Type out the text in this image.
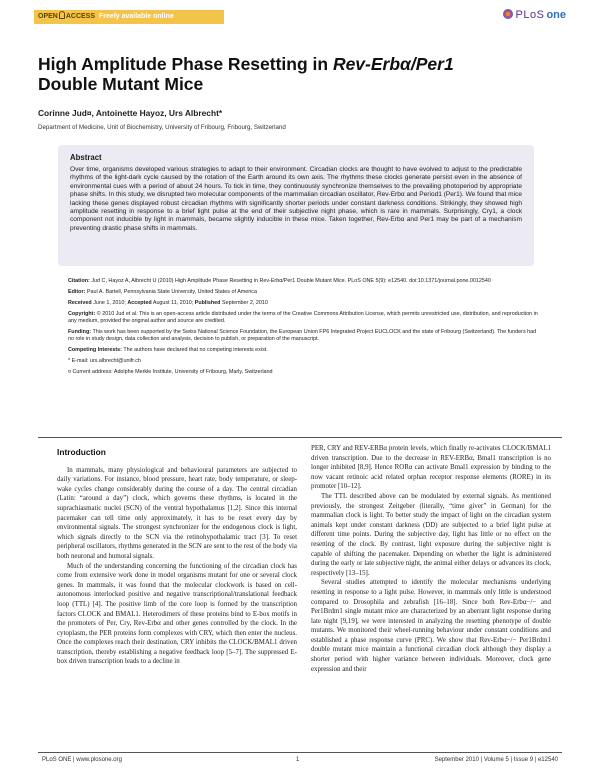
OPEN ACCESS Freely available online	PLoS one
High Amplitude Phase Resetting in Rev-Erbα/Per1
Double Mutant Mice
Corinne Jud¤, Antoinette Hayoz, Urs Albrecht*
Department of Medicine, Unit of Biochemistry, University of Fribourg, Fribourg, Switzerland
Abstract
Over time, organisms developed various strategies to adapt to their environment. Circadian clocks are thought to have evolved to adjust to the predictable rhythms of the light-dark cycle caused by the rotation of the Earth around its own axis. The rhythms these clocks generate persist even in the absence of environmental cues with a period of about 24 hours. To tick in time, they continuously synchronize themselves to the prevailing photoperiod by appropriate phase shifts. In this study, we disrupted two molecular components of the mammalian circadian oscillator, Rev-Erbα and Period1 (Per1). We found that mice lacking these genes displayed robust circadian rhythms with significantly shorter periods under constant darkness conditions. Strikingly, they showed high amplitude resetting in response to a brief light pulse at the end of their subjective night phase, which is rare in mammals. Surprisingly, Cry1, a clock component not inducible by light in mammals, became slightly inducible in these mice. Taken together, Rev-Erbα and Per1 may be part of a mechanism preventing drastic phase shifts in mammals.

Citation: Jud C, Hayoz A, Albrecht U (2010) High Amplitude Phase Resetting in Rev-Erbα/Per1 Double Mutant Mice. PLoS ONE 5(9): e12540. doi:10.1371/journal.pone.0012540

Editor: Paul A. Bartell, Pennsylvania State University, United States of America

Received June 1, 2010; Accepted August 11, 2010; Published September 2, 2010

Copyright: © 2010 Jud et al. This is an open-access article distributed under the terms of the Creative Commons Attribution License, which permits unrestricted use, distribution, and reproduction in any medium, provided the original author and source are credited.

Funding: This work has been supported by the Swiss National Science Foundation, the European Union FP6 Integrated Project EUCLOCK and the state of Fribourg (Switzerland). The funders had no role in study design, data collection and analysis, decision to publish, or preparation of the manuscript.

Competing Interests: The authors have declared that no competing interests exist.

* E-mail: urs.albrecht@unifr.ch

¤ Current address: Adolphe Merkle Institute, University of Fribourg, Marly, Switzerland

Introduction

In mammals, many physiological and behavioural parameters are subjected to daily variations. For instance, blood pressure, heart rate, body temperature, or sleep-wake cycles change considerably during the course of a day. The central circadian (Latin: “around a day”) clock, which governs these rhythms, is located in the suprachiasmatic nuclei (SCN) of the ventral hypothalamus [1,2]. Since this internal pacemaker can tell time only approximately, it has to be reset every day by environmental signals. The strongest synchronizer for the endogenous clock is light, which signals directly to the SCN via the retinohypothalamic tract [3]. To reset peripheral oscillators, rhythms generated in the SCN are sent to the rest of the body via both neuronal and humoral signals.

Much of the understanding concerning the functioning of the circadian clock has come from extensive work done in model organisms mutant for one or several clock genes. In mammals, it was found that the molecular clockwork is based on cell-autonomous interlocked positive and negative transcriptional/translational feedback loop (TTL) [4]. The positive limb of the core loop is formed by the transcription factors CLOCK and BMAL1. Heterodimers of these proteins bind to E-box motifs in the promoters of Per, Cry, Rev-Erbα and other genes controlled by the clock. In the cytoplasm, the PER proteins form complexes with CRY, which then enter the nucleus. Once the complexes reach their destination, CRY inhibits the CLOCK/BMAL1 driven transcription, thereby establishing a negative feedback loop [5–7]. The suppressed E-box driven transcription leads to a decline in

PER, CRY and REV-ERBα protein levels, which finally re-activates CLOCK/BMAL1 driven transcription. Due to the decrease in REV-ERBα, Bmal1 transcription is no longer inhibited [8,9]. Hence RORα can activate Bmal1 expression by binding to the now vacant retinoic acid related orphan receptor response elements (RORE) in its promoter [10–12].

The TTL described above can be modulated by external signals. As mentioned previously, the strongest Zeitgeber (literally, “time giver” in German) for the mammalian clock is light. To better study the impact of light on the circadian system animals kept under constant darkness (DD) are subjected to a brief light pulse at different time points. During the subjective day, light has little or no effect on the resetting of the clock. By contrast, light exposure during the subjective night is capable of shifting the pacemaker. Depending on whether the light is administered during the early or late subjective night, the animal either delays or advances its clock, respectively [13–15].

Several studies attempted to identify the molecular mechanisms underlying resetting in response to a light pulse. However, in mammals only little is understood compared to Drosophila and zebrafish [16–18]. Since both Rev-Erbα−/− and Per1Brdm1 single mutant mice are characterized by an aberrant light response during late night [9,19], we were interested in analyzing the resetting phenotype of double mutants. We monitored their wheel-running behaviour under constant conditions and established a phase response curve (PRC). We show that Rev-Erbα−/− Per1Brdm1 double mutant mice maintain a functional circadian clock although they display a shorter period with higher variance between individuals. Moreover, clock gene expression and their

PLoS ONE | www.plosone.org	1	September 2010 | Volume 5 | Issue 9 | e12540
